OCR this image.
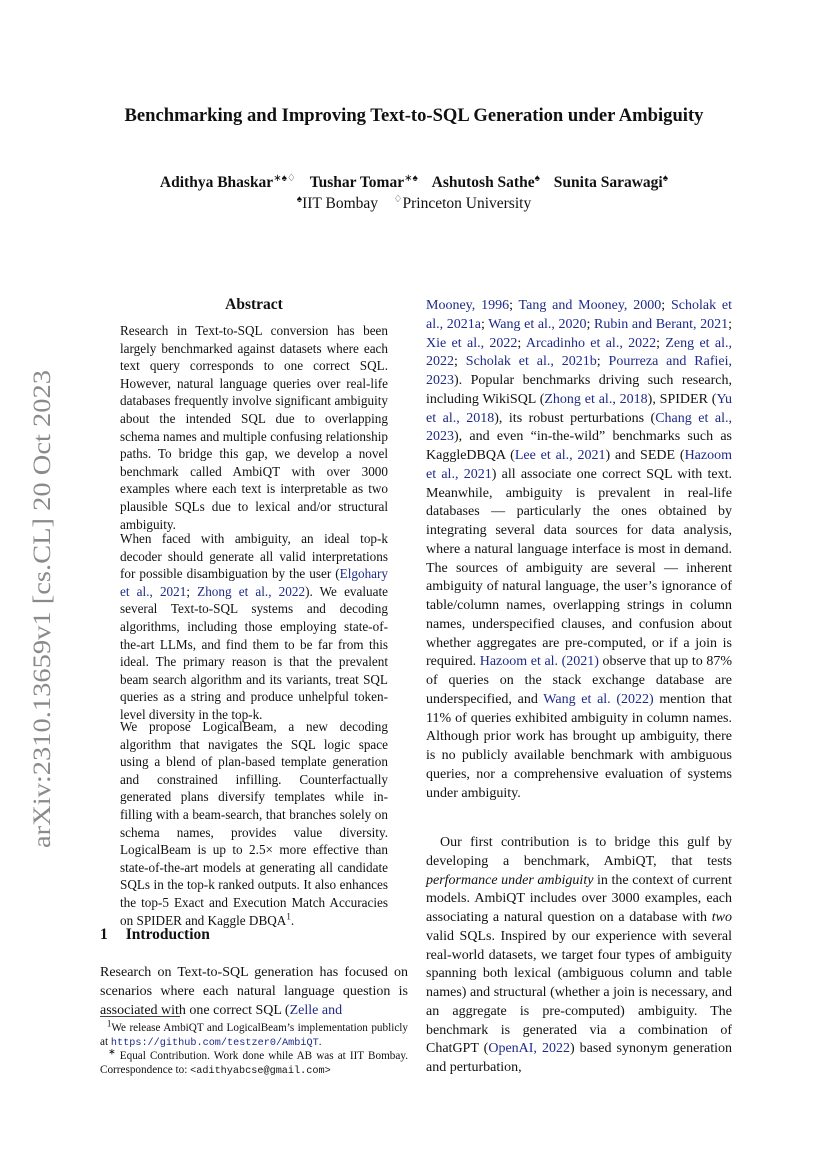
arXiv:2310.13659v1 [cs.CL] 20 Oct 2023
Benchmarking and Improving Text-to-SQL Generation under Ambiguity
Adithya Bhaskar∗♠♢ Tushar Tomar∗♠ Ashutosh Sathe♠ Sunita Sarawagi♠
♠IIT Bombay ♢Princeton University
Abstract

Research in Text-to-SQL conversion has been largely benchmarked against datasets where each text query corresponds to one correct SQL. However, natural language queries over real-life databases frequently involve significant ambiguity about the intended SQL due to overlapping schema names and multiple confusing relationship paths. To bridge this gap, we develop a novel benchmark called AmbiQT with over 3000 examples where each text is interpretable as two plausible SQLs due to lexical and/or structural ambiguity.

When faced with ambiguity, an ideal top-k decoder should generate all valid interpretations for possible disambiguation by the user (Elgohary et al., 2021; Zhong et al., 2022). We evaluate several Text-to-SQL systems and decoding algorithms, including those employing state-of-the-art LLMs, and find them to be far from this ideal. The primary reason is that the prevalent beam search algorithm and its variants, treat SQL queries as a string and produce unhelpful token-level diversity in the top-k.

We propose LogicalBeam, a new decoding algorithm that navigates the SQL logic space using a blend of plan-based template generation and constrained infilling. Counterfactually generated plans diversify templates while in-filling with a beam-search, that branches solely on schema names, provides value diversity. LogicalBeam is up to 2.5× more effective than state-of-the-art models at generating all candidate SQLs in the top-k ranked outputs. It also enhances the top-5 Exact and Execution Match Accuracies on SPIDER and Kaggle DBQA$^1$.

1 Introduction
Research on Text-to-SQL generation has focused on scenarios where each natural language question is associated with one correct SQL (Zelle and
$^1$We release AmbiQT and LogicalBeam’s implementation publicly at https://github.com/testzer0/AmbiQT.
∗ Equal Contribution. Work done while AB was at IIT Bombay. Correspondence to: <adithyabcse@gmail.com>

Mooney, 1996; Tang and Mooney, 2000; Scholak et al., 2021a; Wang et al., 2020; Rubin and Berant, 2021; Xie et al., 2022; Arcadinho et al., 2022; Zeng et al., 2022; Scholak et al., 2021b; Pourreza and Rafiei, 2023). Popular benchmarks driving such research, including WikiSQL (Zhong et al., 2018), SPIDER (Yu et al., 2018), its robust perturbations (Chang et al., 2023), and even “in-the-wild” benchmarks such as KaggleDBQA (Lee et al., 2021) and SEDE (Hazoom et al., 2021) all associate one correct SQL with text. Meanwhile, ambiguity is prevalent in real-life databases — particularly the ones obtained by integrating several data sources for data analysis, where a natural language interface is most in demand. The sources of ambiguity are several — inherent ambiguity of natural language, the user’s ignorance of table/column names, overlapping strings in column names, underspecified clauses, and confusion about whether aggregates are pre-computed, or if a join is required. Hazoom et al. (2021) observe that up to 87% of queries on the stack exchange database are underspecified, and Wang et al. (2022) mention that 11% of queries exhibited ambiguity in column names. Although prior work has brought up ambiguity, there is no publicly available benchmark with ambiguous queries, nor a comprehensive evaluation of systems under ambiguity.

Our first contribution is to bridge this gulf by developing a benchmark, AmbiQT, that tests performance under ambiguity in the context of current models. AmbiQT includes over 3000 examples, each associating a natural question on a database with two valid SQLs. Inspired by our experience with several real-world datasets, we target four types of ambiguity spanning both lexical (ambiguous column and table names) and structural (whether a join is necessary, and an aggregate is pre-computed) ambiguity. The benchmark is generated via a combination of ChatGPT (OpenAI, 2022) based synonym generation and perturbation,
